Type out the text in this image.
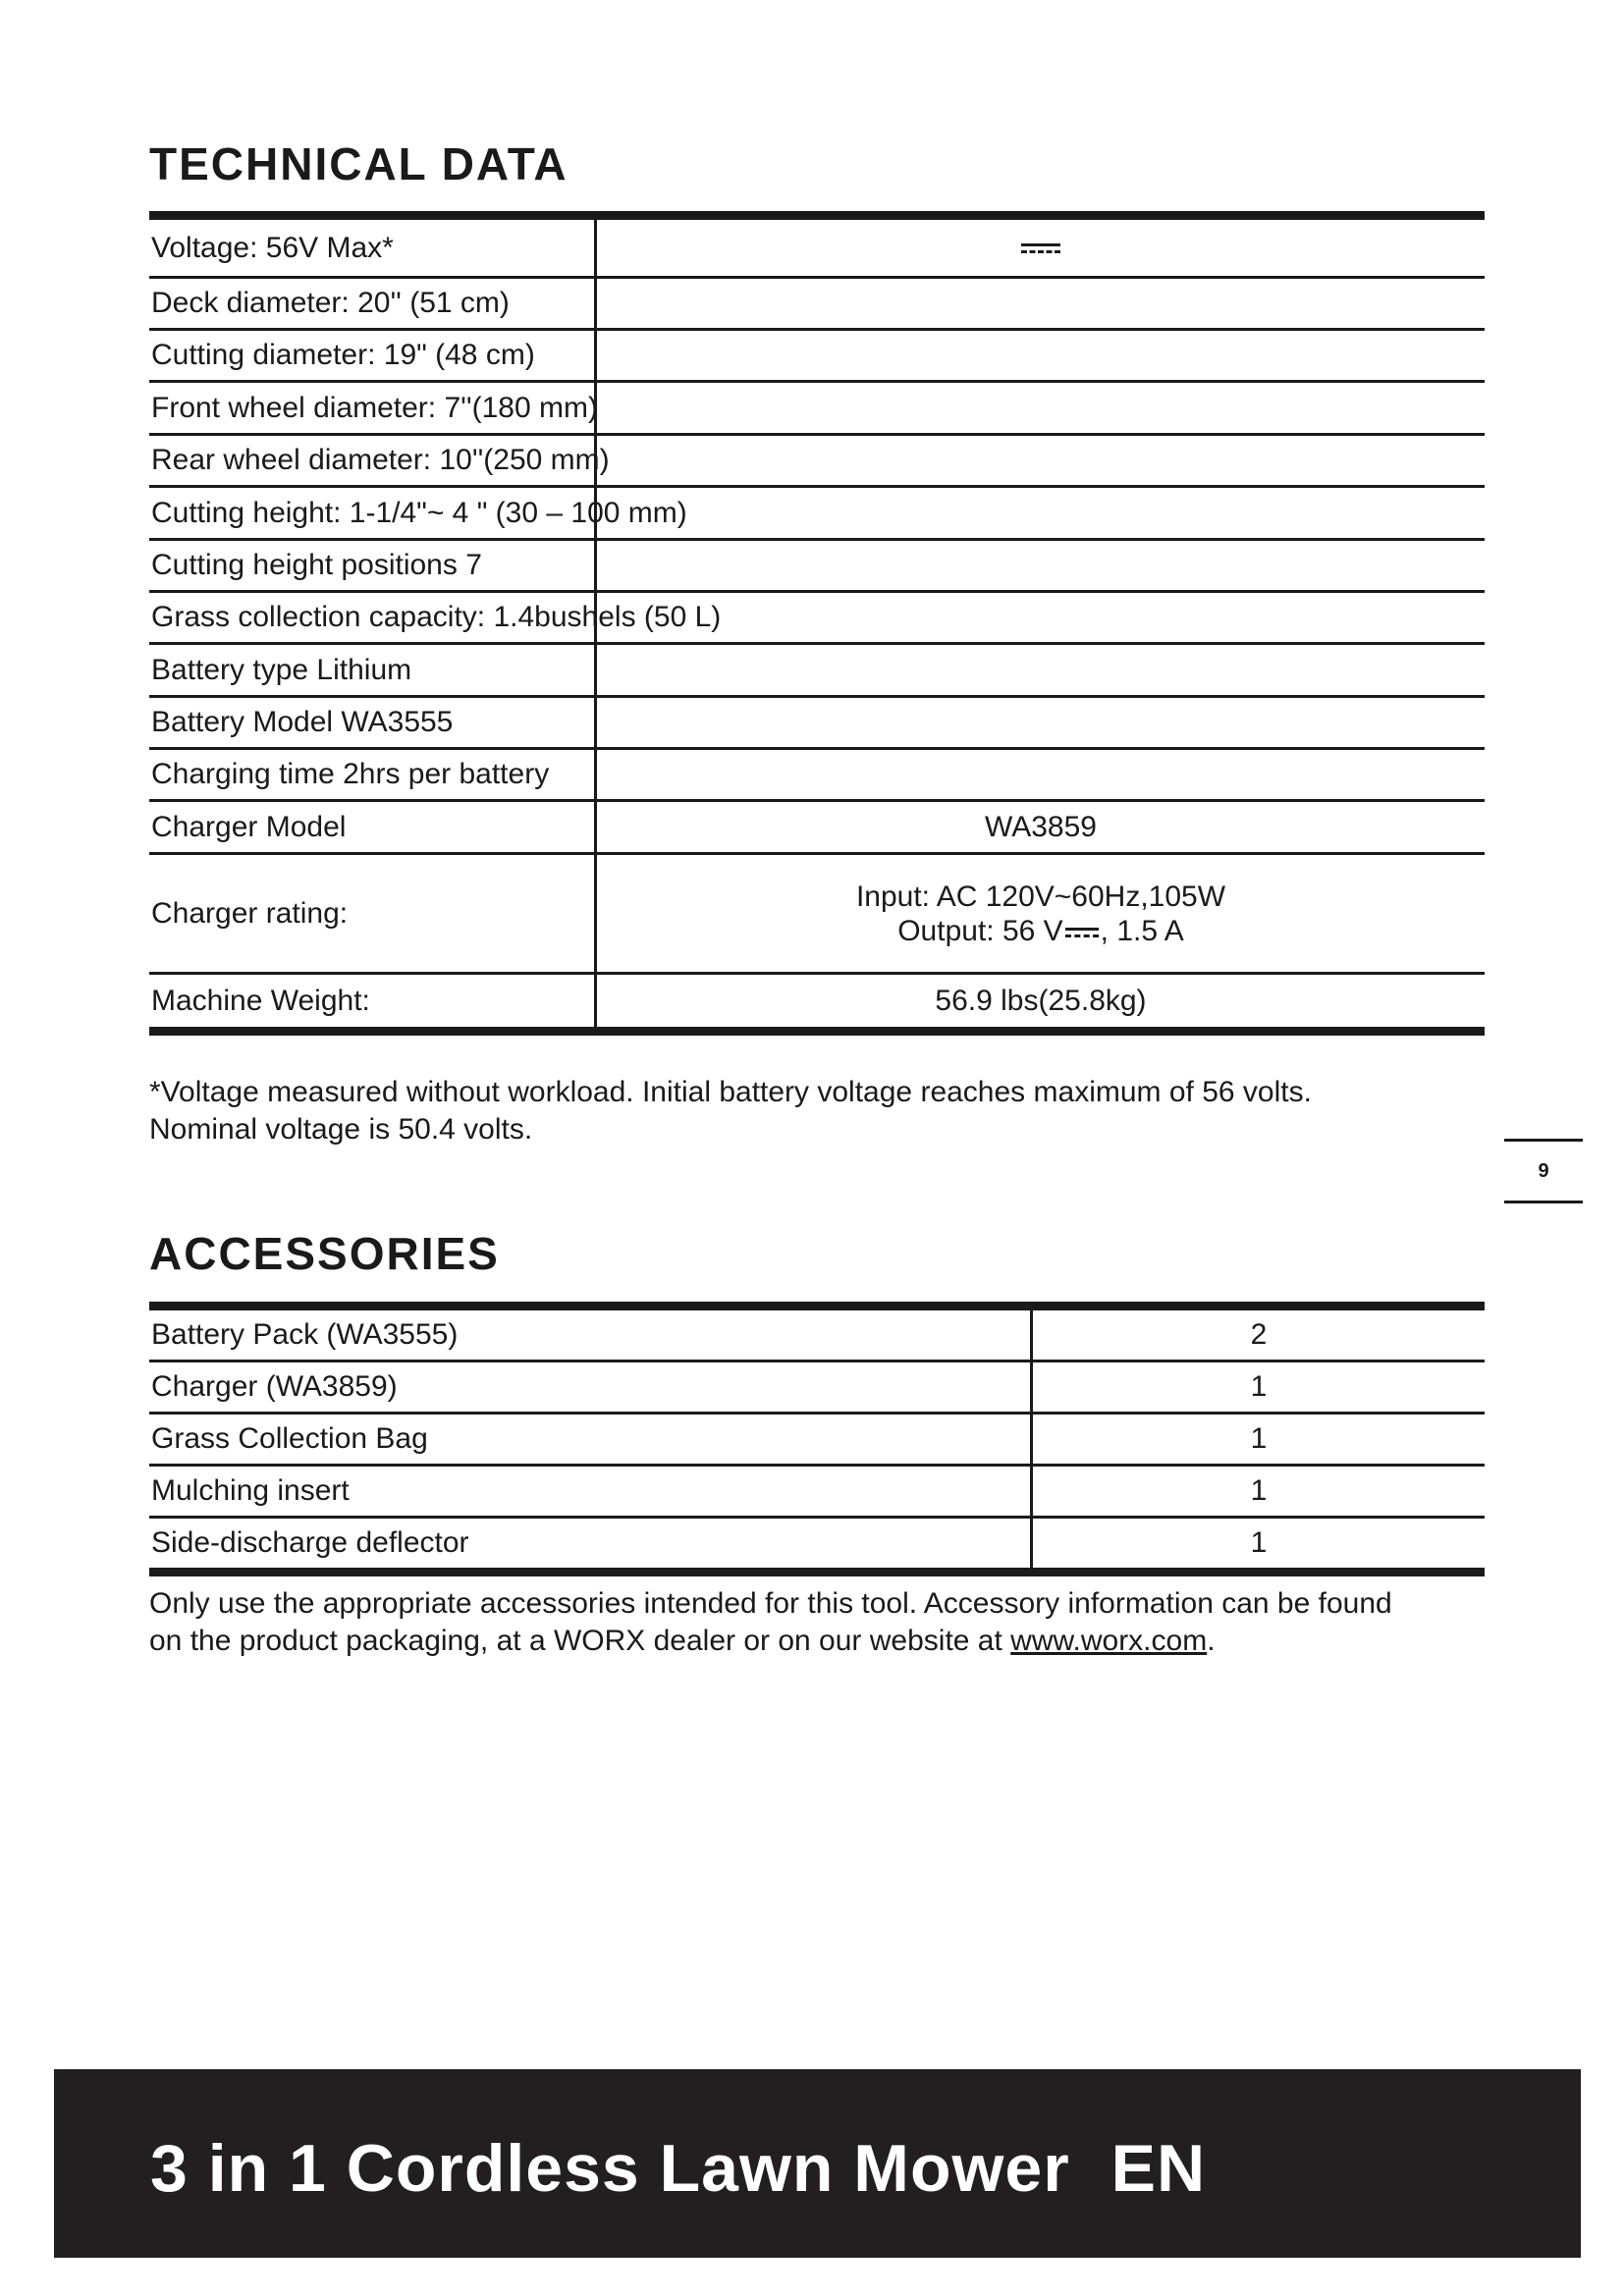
TECHNICAL DATA
Voltage: 56V Max*
Deck diameter: 20'' (51 cm)
Cutting diameter: 19" (48 cm)
Front wheel diameter: 7''(180 mm)
Rear wheel diameter: 10''(250 mm)
Cutting height: 1-1/4"~ 4 " (30 – 100 mm)
Cutting height positions 7
Grass collection capacity: 1.4bushels (50 L)
Battery type Lithium
Battery Model WA3555
Charging time 2hrs per battery
Charger Model	WA3859
Charger rating:
Input: AC 120V~60Hz,105W
Output: 56 V , 1.5 A
Machine Weight:	56.9 lbs(25.8kg)

*Voltage measured without workload. Initial battery voltage reaches maximum of 56 volts.
Nominal voltage is 50.4 volts.

9
ACCESSORIES
Battery Pack (WA3555)	2
Charger (WA3859)	1
Grass Collection Bag	1
Mulching insert	1
Side-discharge deflector	1

Only use the appropriate accessories intended for this tool. Accessory information can be found
on the product packaging, at a WORX dealer or on our website at www.worx.com.

3 in 1 Cordless Lawn Mower EN
